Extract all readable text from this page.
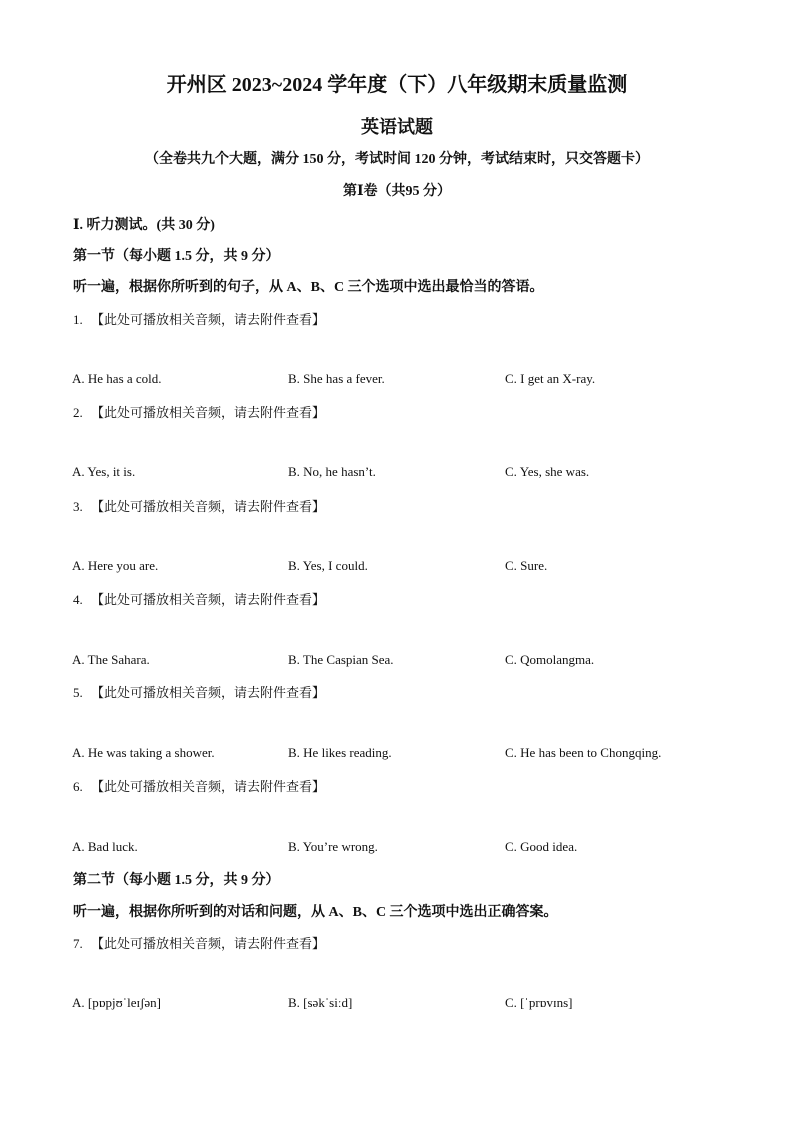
开州区 2023~2024 学年度（下）八年级期末质量监测
英语试题
（全卷共九个大题，满分 150 分，考试时间 120 分钟，考试结束时，只交答题卡）
第Ⅰ卷（共95 分）
Ⅰ. 听力测试。(共 30 分)
第一节（每小题 1.5 分，共 9 分）
听一遍，根据你所听到的句子，从 A、B、C 三个选项中选出最恰当的答语。
1. 【此处可播放相关音频，请去附件查看】
A. He has a cold.	B. She has a fever.	C. I get an X-ray.
2. 【此处可播放相关音频，请去附件查看】
A. Yes, it is.	B. No, he hasn’t.	C. Yes, she was.
3. 【此处可播放相关音频，请去附件查看】
A. Here you are.	B. Yes, I could.	C. Sure.
4. 【此处可播放相关音频，请去附件查看】
A. The Sahara.	B. The Caspian Sea.	C. Qomolangma.
5. 【此处可播放相关音频，请去附件查看】
A. He was taking a shower.	B. He likes reading.	C. He has been to Chongqing.
6. 【此处可播放相关音频，请去附件查看】
A. Bad luck.	B. You’re wrong.	C. Good idea.
第二节（每小题 1.5 分，共 9 分）
听一遍，根据你所听到的对话和问题，从 A、B、C 三个选项中选出正确答案。
7. 【此处可播放相关音频，请去附件查看】
A. [pɒpjʊˈleɪʃən]	B. [səkˈsiːd]	C. [ˈprɒvɪns]
